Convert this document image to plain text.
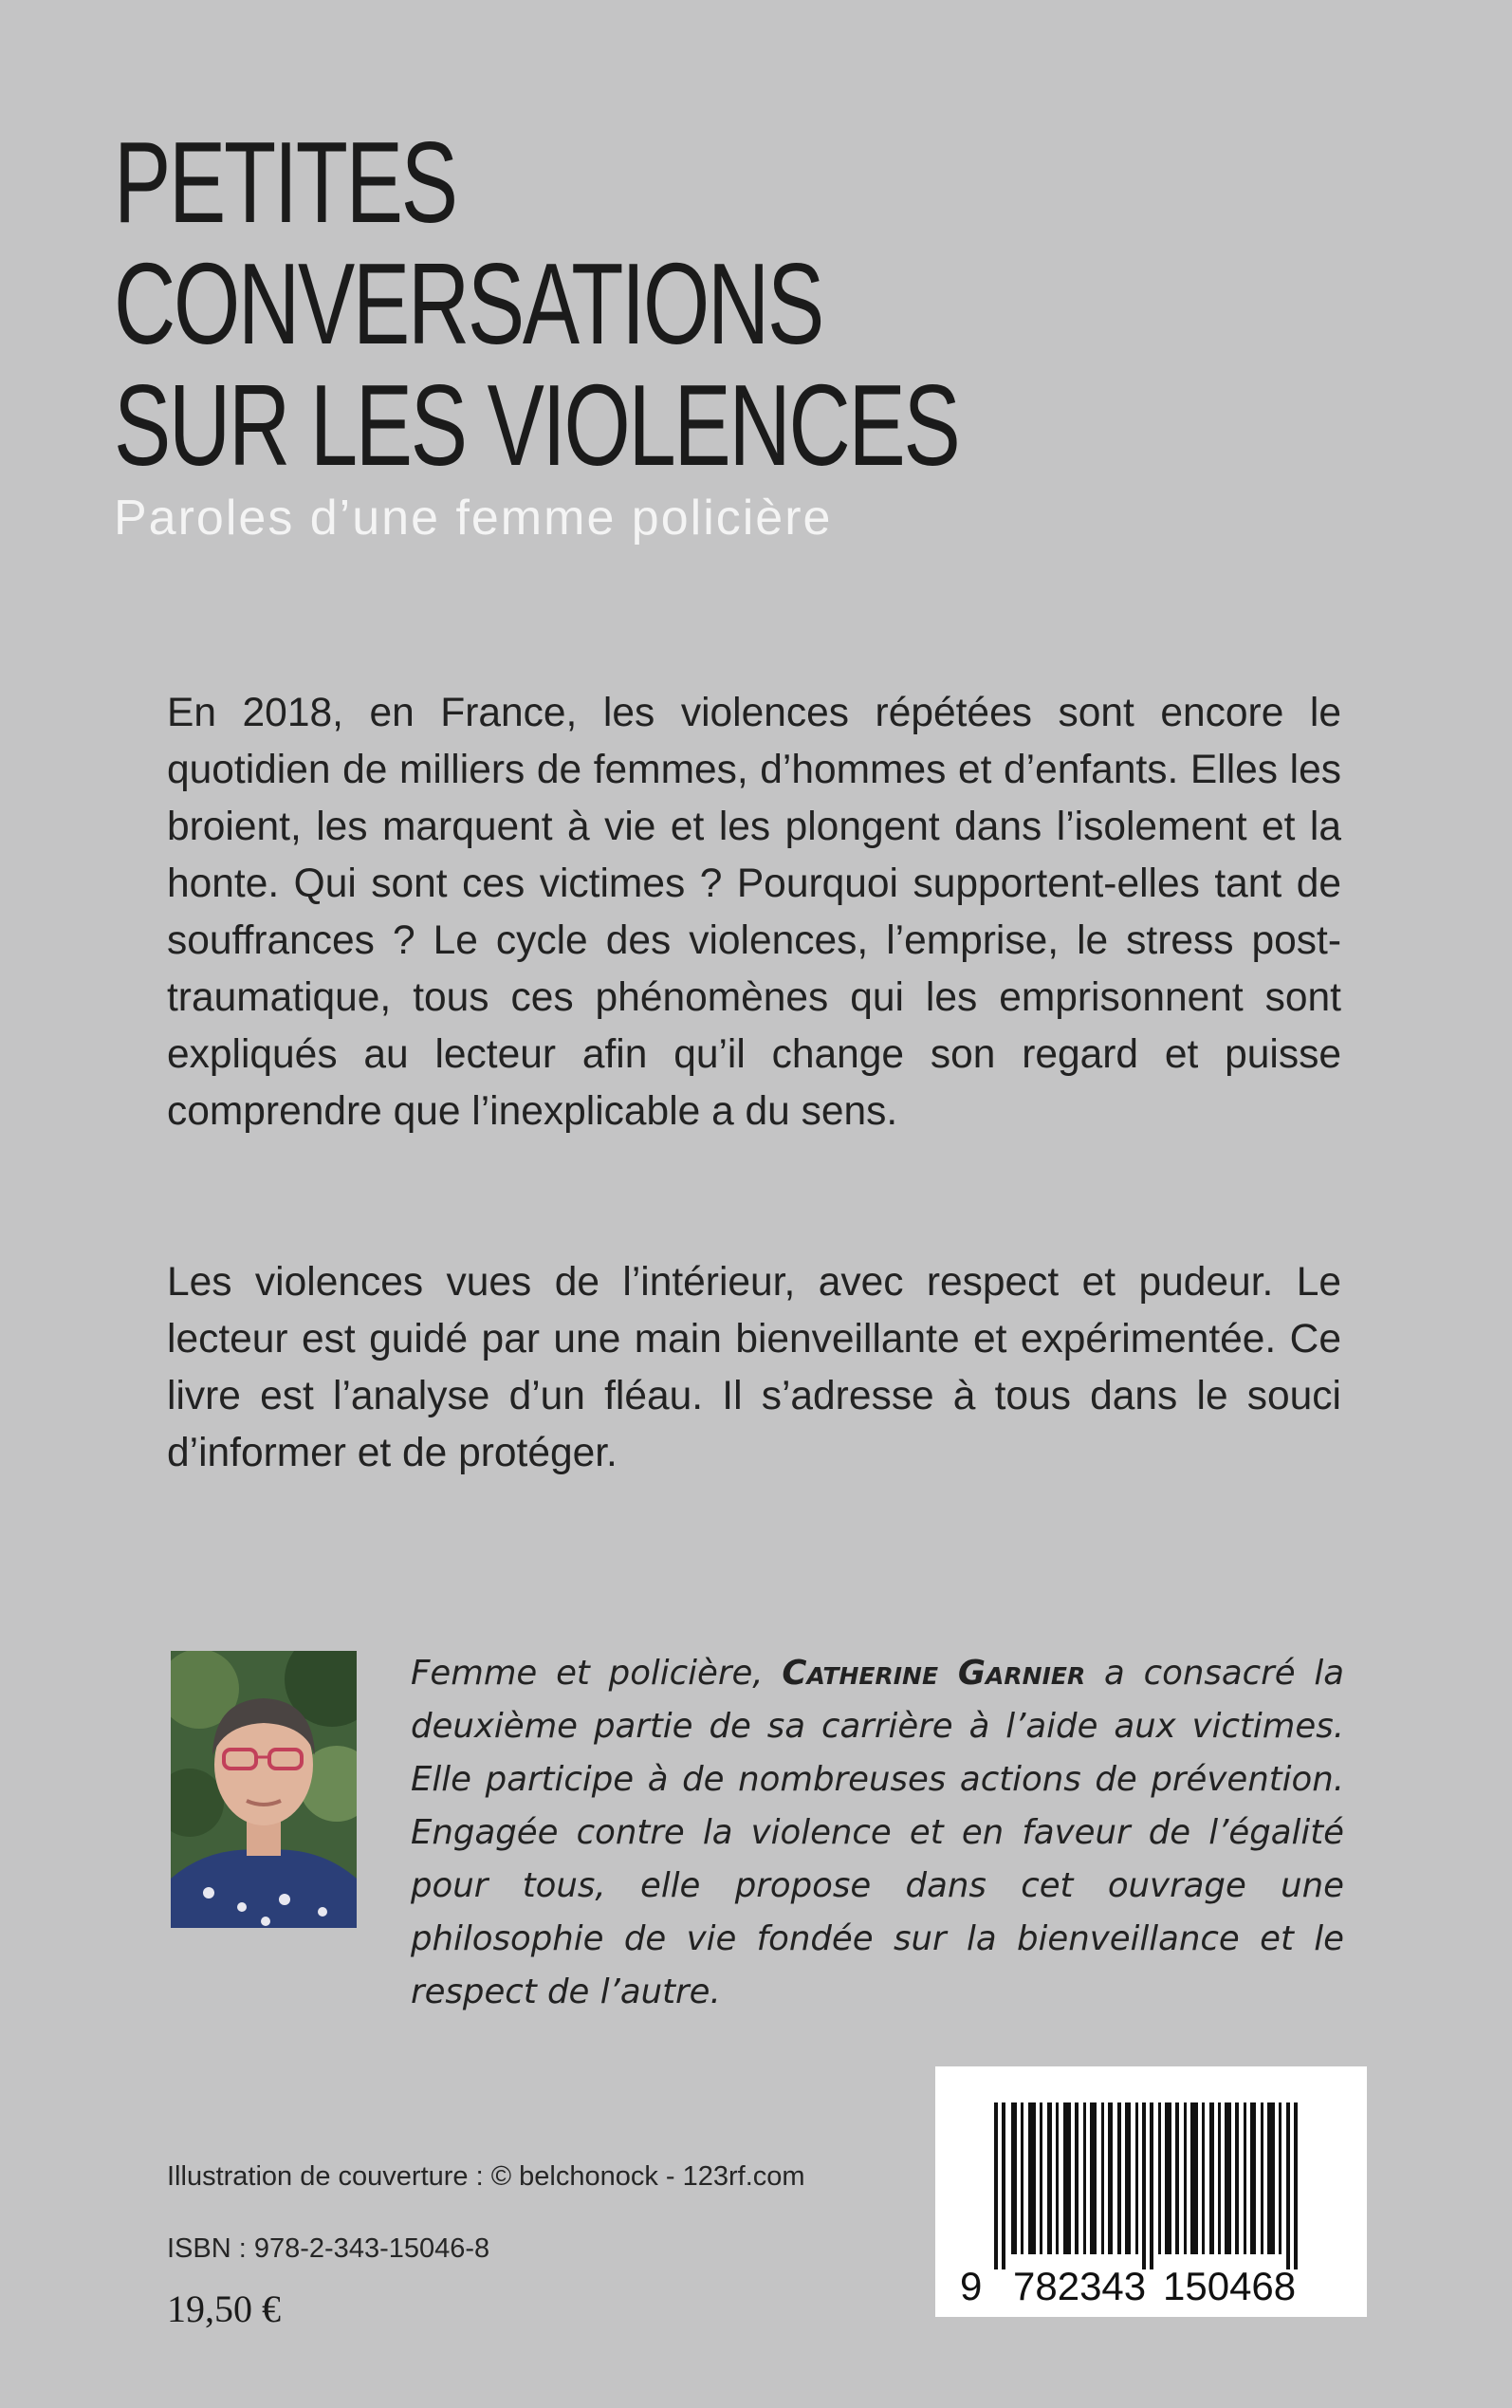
PETITES
CONVERSATIONS
SUR LES VIOLENCES

Paroles d’une femme policière

En 2018, en France, les violences répétées sont encore le quotidien de milliers de femmes, d’hommes et d’enfants. Elles les broient, les marquent à vie et les plongent dans l’isolement et la honte. Qui sont ces victimes ? Pourquoi supportent-elles tant de souffrances ? Le cycle des violences, l’emprise, le stress post-traumatique, tous ces phénomènes qui les emprisonnent sont expliqués au lecteur afin qu’il change son regard et puisse comprendre que l’inexplicable a du sens.

Les violences vues de l’intérieur, avec respect et pudeur. Le lecteur est guidé par une main bienveillante et expérimentée. Ce livre est l’analyse d’un fléau. Il s’adresse à tous dans le souci d’informer et de protéger.

Femme et policière, Catherine Garnier a consacré la deuxième partie de sa carrière à l’aide aux victimes. Elle participe à de nombreuses actions de prévention. Engagée contre la violence et en faveur de l’égalité pour tous, elle propose dans cet ouvrage une philosophie de vie fondée sur la bienveillance et le respect de l’autre.

Illustration de couverture : © belchonock - 123rf.com

ISBN : 978-2-343-15046-8

19,50 €

9 782343 150468
